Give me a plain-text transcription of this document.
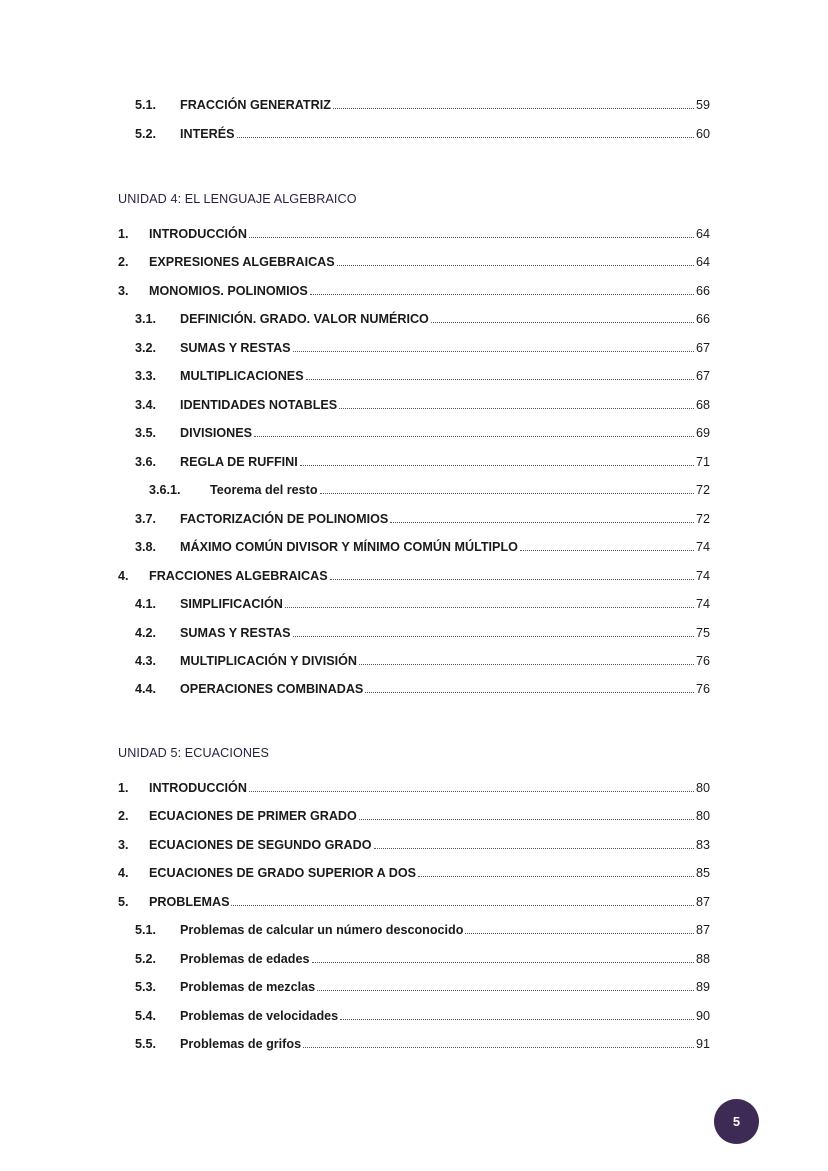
5.1.	FRACCIÓN GENERATRIZ	59
5.2.	INTERÉS	60
UNIDAD 4: EL LENGUAJE ALGEBRAICO
1.	INTRODUCCIÓN	64
2.	EXPRESIONES ALGEBRAICAS	64
3.	MONOMIOS. POLINOMIOS	66
3.1.	DEFINICIÓN. GRADO. VALOR NUMÉRICO	66
3.2.	SUMAS Y RESTAS	67
3.3.	MULTIPLICACIONES	67
3.4.	IDENTIDADES NOTABLES	68
3.5.	DIVISIONES	69
3.6.	REGLA DE RUFFINI	71
3.6.1.	Teorema del resto	72
3.7.	FACTORIZACIÓN DE POLINOMIOS	72
3.8.	MÁXIMO COMÚN DIVISOR Y MÍNIMO COMÚN MÚLTIPLO	74
4.	FRACCIONES ALGEBRAICAS	74
4.1.	SIMPLIFICACIÓN	74
4.2.	SUMAS Y RESTAS	75
4.3.	MULTIPLICACIÓN Y DIVISIÓN	76
4.4.	OPERACIONES COMBINADAS	76
UNIDAD 5: ECUACIONES
1.	INTRODUCCIÓN	80
2.	ECUACIONES DE PRIMER GRADO	80
3.	ECUACIONES DE SEGUNDO GRADO	83
4.	ECUACIONES DE GRADO SUPERIOR A DOS	85
5.	PROBLEMAS	87
5.1.	Problemas de calcular un número desconocido	87
5.2.	Problemas de edades	88
5.3.	Problemas de mezclas	89
5.4.	Problemas de velocidades	90
5.5.	Problemas de grifos	91
5
